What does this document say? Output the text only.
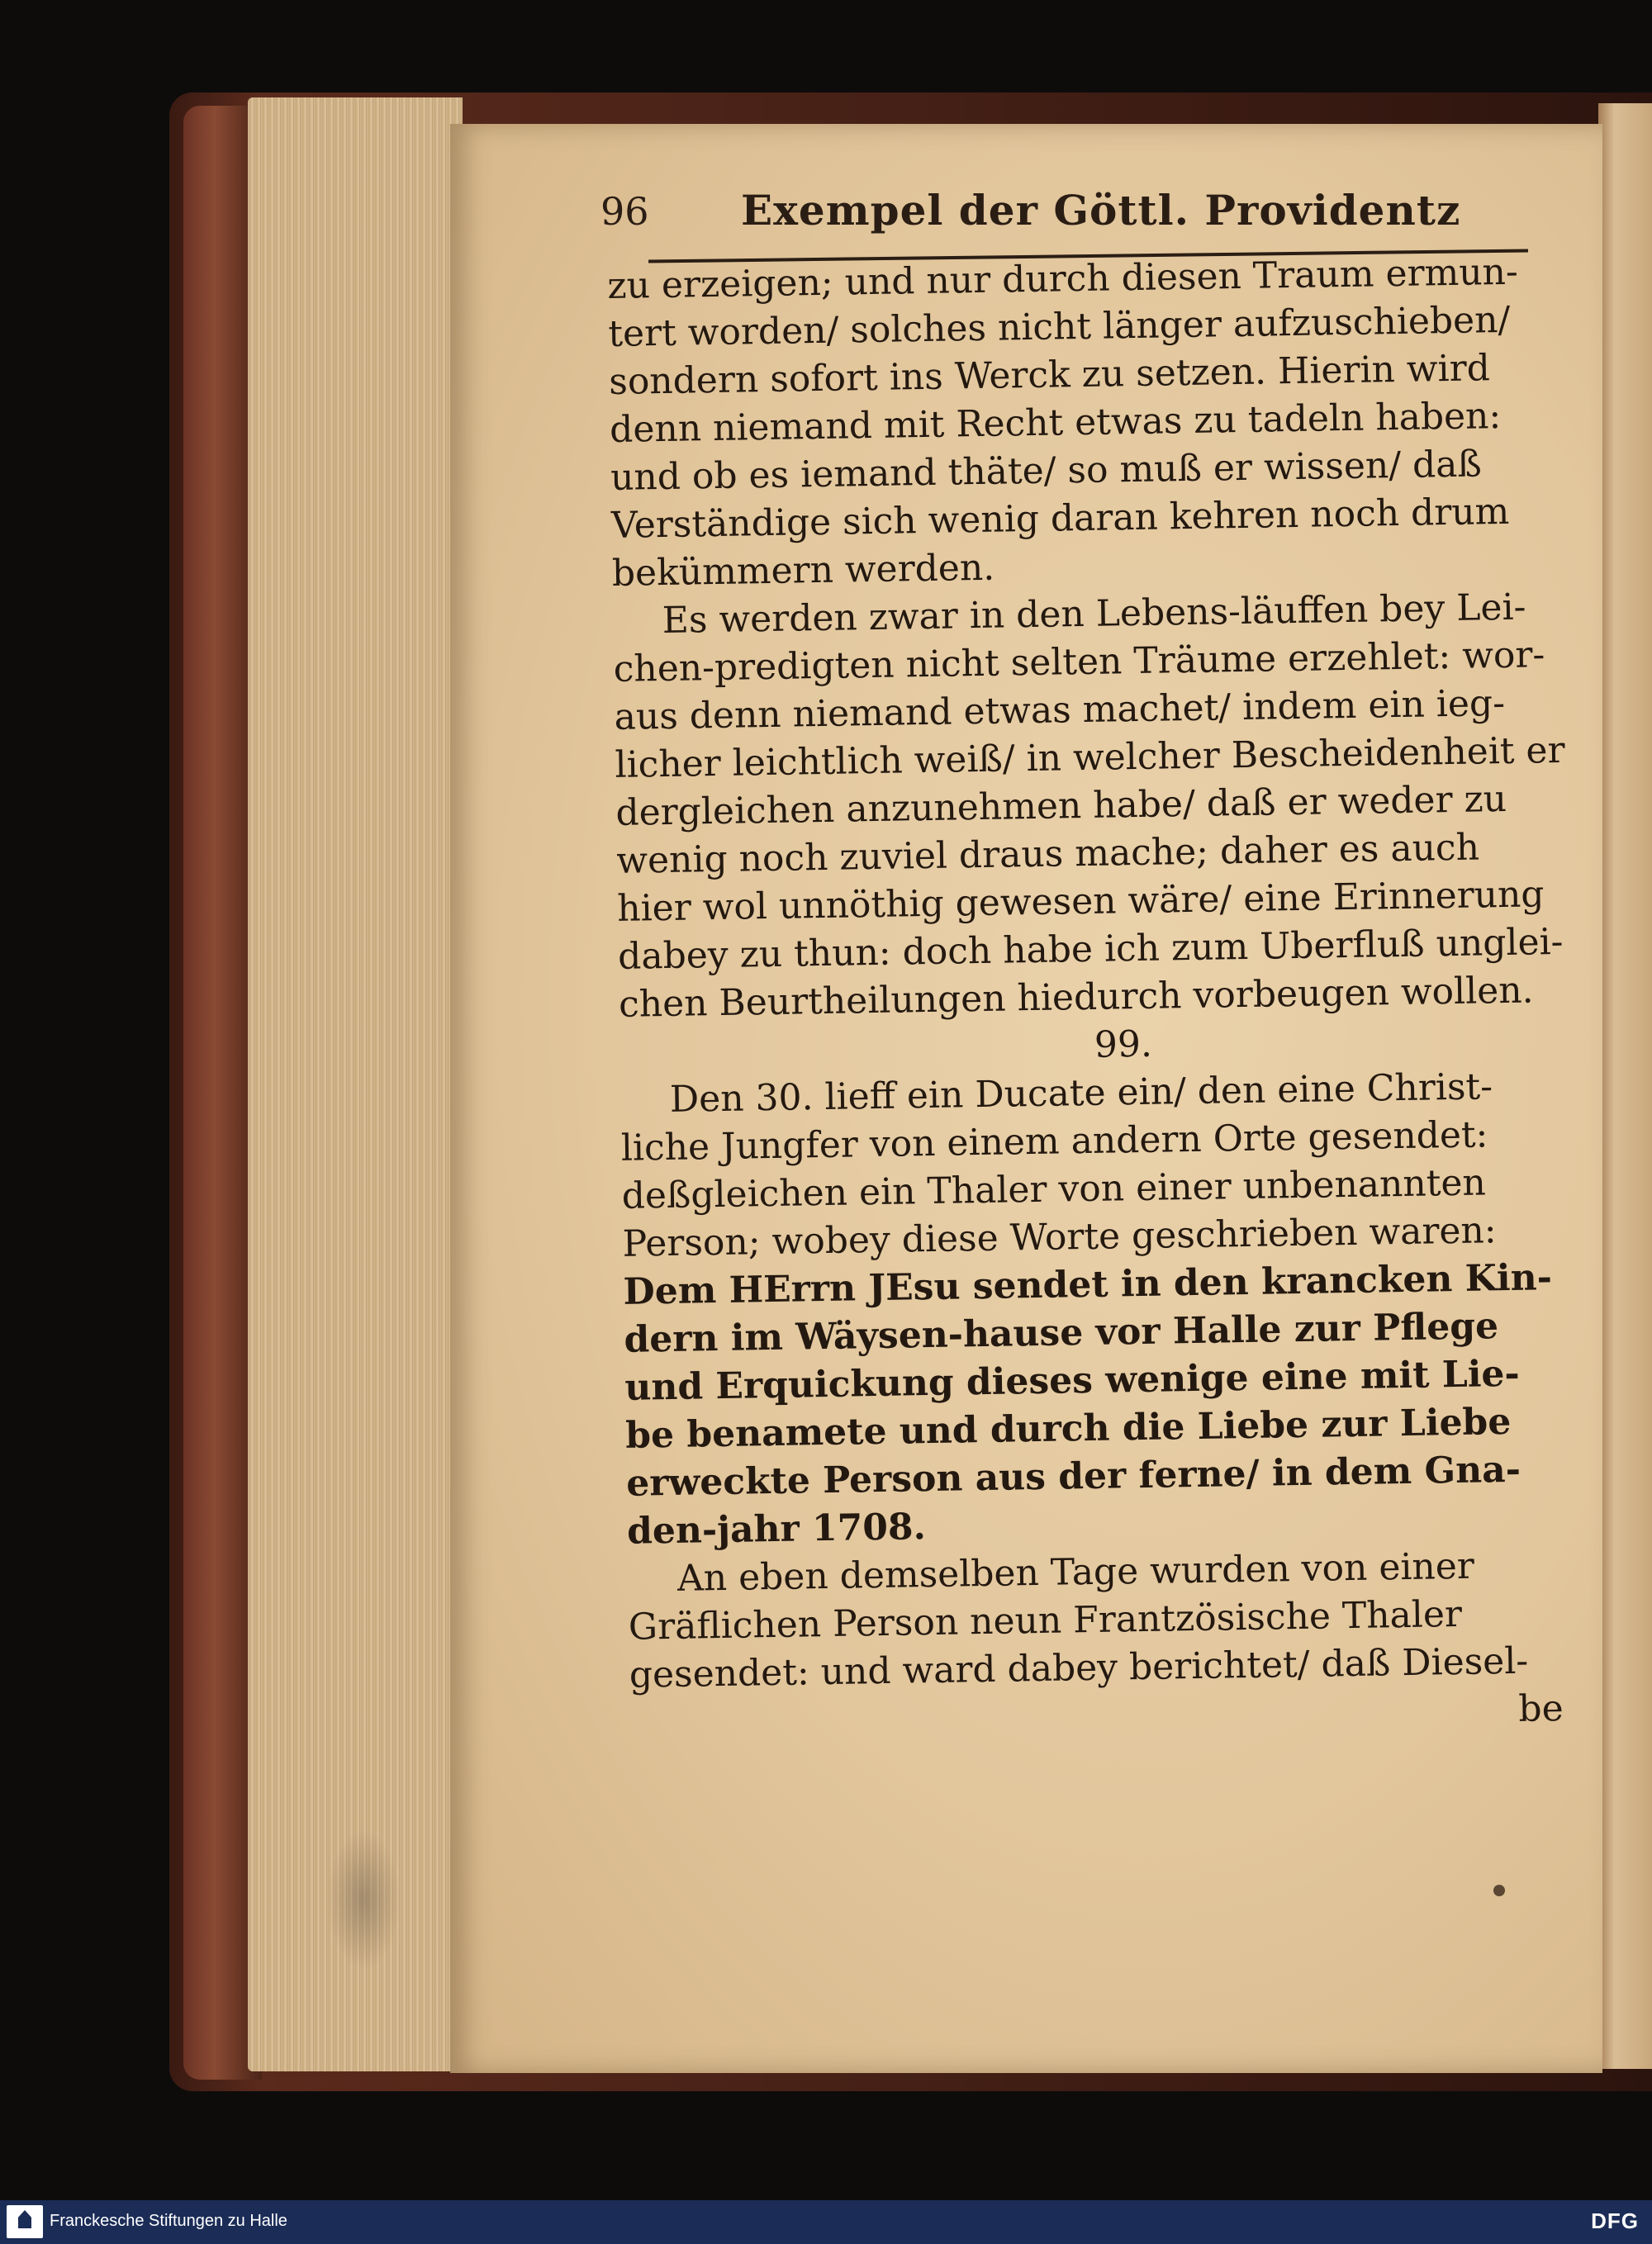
96 Exempel der Göttl. Providentz
zu erzeigen; und nur durch diesen Traum ermun-
tert worden/ solches nicht länger aufzuschieben/
sondern sofort ins Werck zu setzen. Hierin wird
denn niemand mit Recht etwas zu tadeln haben:
und ob es iemand thäte/ so muß er wissen/ daß
Verständige sich wenig daran kehren noch drum
bekümmern werden.
Es werden zwar in den Lebens-läuffen bey Lei-
chen-predigten nicht selten Träume erzehlet: wor-
aus denn niemand etwas machet/ indem ein ieg-
licher leichtlich weiß/ in welcher Bescheidenheit er
dergleichen anzunehmen habe/ daß er weder zu
wenig noch zuviel draus mache; daher es auch
hier wol unnöthig gewesen wäre/ eine Erinnerung
dabey zu thun: doch habe ich zum Uberfluß unglei-
chen Beurtheilungen hiedurch vorbeugen wollen.
99.
Den 30. lieff ein Ducate ein/ den eine Christ-
liche Jungfer von einem andern Orte gesendet:
deßgleichen ein Thaler von einer unbenannten
Person; wobey diese Worte geschrieben waren:
Dem HErrn JEsu sendet in den krancken Kin-
dern im Wäysen-hause vor Halle zur Pflege
und Erquickung dieses wenige eine mit Lie-
be benamete und durch die Liebe zur Liebe
erweckte Person aus der ferne/ in dem Gna-
den-jahr 1708.
An eben demselben Tage wurden von einer
Gräflichen Person neun Frantzösische Thaler
gesendet: und ward dabey berichtet/ daß Diesel-
be
Franckesche Stiftungen zu Halle	DFG
